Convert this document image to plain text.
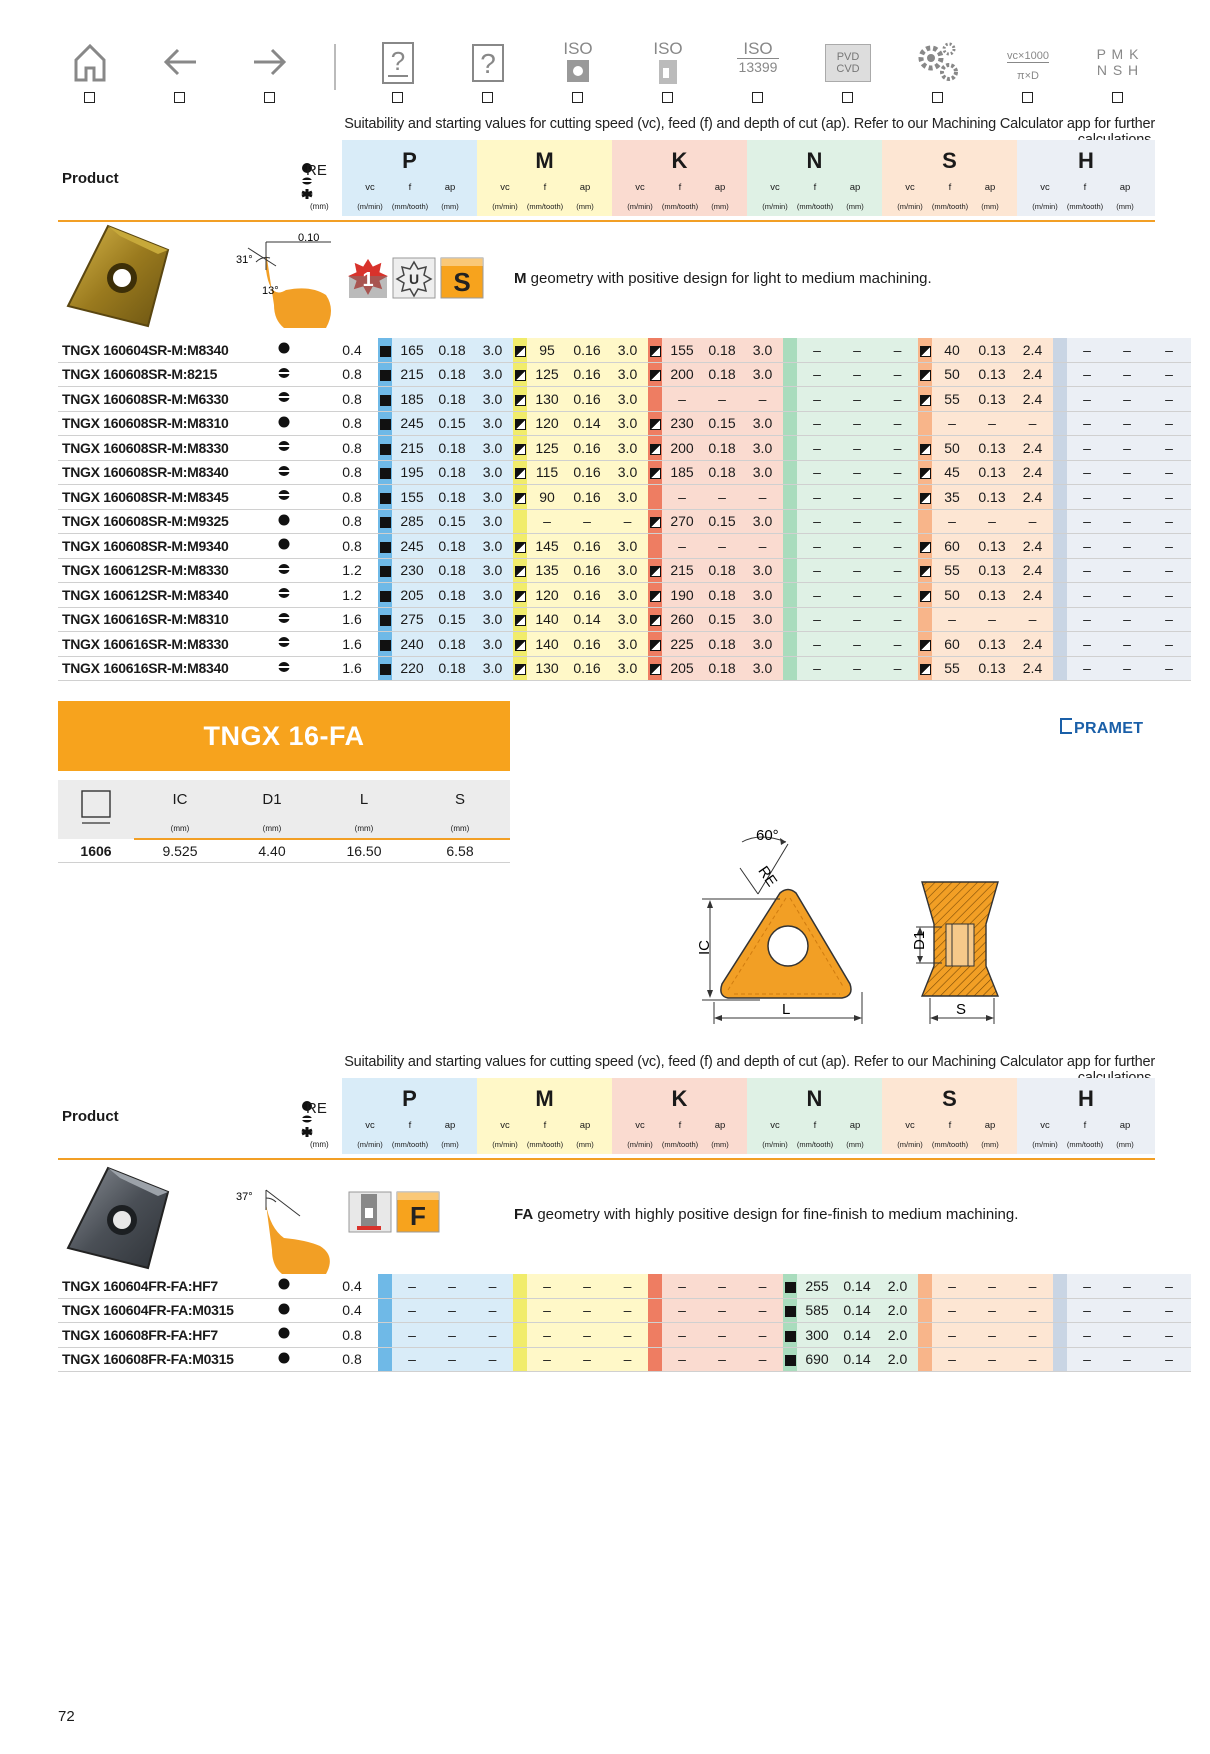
?	?	ISO	ISO	ISO
13399
PVD
CVD
vc×1000
π×D
P M K
N S H
Suitability and starting values for cutting speed (vc), feed (f) and depth of cut (ap). Refer to our Machining Calculator app for further
Product	RE
(mm)
P
vc	f	ap
(m/min)	(mm/tooth)	(mm)
M
vc	f	ap
(m/min)	(mm/tooth)	(mm)
K
vc	f	ap
(m/min)	(mm/tooth)	(mm)
N
vc	f	ap
(m/min)	(mm/tooth)	(mm)
S
vc	f	ap
(m/min)	(mm/tooth)	(mm)
H
vc	f	ap
(m/min)	(mm/tooth)	(mm)
31°
13°
0.10
1	U S	M geometry with positive design for light to medium machining.
TNGX 160604SR-M:M8340		0.4		165	0.18	3.0		95	0.16	3.0		155	0.18	3.0		–	–	–		40	0.13	2.4		–	–	–
TNGX 160608SR-M:8215		0.8		215	0.18	3.0		125	0.16	3.0		200	0.18	3.0		–	–	–		50	0.13	2.4		–	–	–
TNGX 160608SR-M:M6330		0.8		185	0.18	3.0		130	0.16	3.0		–	–	–		–	–	–		55	0.13	2.4		–	–	–
TNGX 160608SR-M:M8310		0.8		245	0.15	3.0		120	0.14	3.0		230	0.15	3.0		–	–	–		–	–	–		–	–	–
TNGX 160608SR-M:M8330		0.8		215	0.18	3.0		125	0.16	3.0		200	0.18	3.0		–	–	–		50	0.13	2.4		–	–	–
TNGX 160608SR-M:M8340		0.8		195	0.18	3.0		115	0.16	3.0		185	0.18	3.0		–	–	–		45	0.13	2.4		–	–	–
TNGX 160608SR-M:M8345		0.8		155	0.18	3.0		90	0.16	3.0		–	–	–		–	–	–		35	0.13	2.4		–	–	–
TNGX 160608SR-M:M9325		0.8		285	0.15	3.0		–	–	–		270	0.15	3.0		–	–	–		–	–	–		–	–	–
TNGX 160608SR-M:M9340		0.8		245	0.18	3.0		145	0.16	3.0		–	–	–		–	–	–		60	0.13	2.4		–	–	–
TNGX 160612SR-M:M8330		1.2		230	0.18	3.0		135	0.16	3.0		215	0.18	3.0		–	–	–		55	0.13	2.4		–	–	–
TNGX 160612SR-M:M8340		1.2		205	0.18	3.0		120	0.16	3.0		190	0.18	3.0		–	–	–		50	0.13	2.4		–	–	–
TNGX 160616SR-M:M8310		1.6		275	0.15	3.0		140	0.14	3.0		260	0.15	3.0		–	–	–		–	–	–		–	–	–
TNGX 160616SR-M:M8330		1.6		240	0.18	3.0		140	0.16	3.0		225	0.18	3.0		–	–	–		60	0.13	2.4		–	–	–
TNGX 160616SR-M:M8340		1.6		220	0.18	3.0		130	0.16	3.0		205	0.18	3.0		–	–	–		55	0.13	2.4		–	–	–
TNGX 16-FA	PRAMET
	IC	D1	L	S
	(mm)	(mm)	(mm)	(mm)
1606	9.525	4.40	16.50	6.58
60°
RE
IC
L
D1
S
Suitability and starting values for cutting speed (vc), feed (f) and depth of cut (ap). Refer to our Machining Calculator app for further
Product	RE
(mm)
P
vc	f	ap
(m/min)	(mm/tooth)	(mm)
M
vc	f	ap
(m/min)	(mm/tooth)	(mm)
K
vc	f	ap
(m/min)	(mm/tooth)	(mm)
N
vc	f	ap
(m/min)	(mm/tooth)	(mm)
S
vc	f	ap
(m/min)	(mm/tooth)	(mm)
H
vc	f	ap
(m/min)	(mm/tooth)	(mm)
37°
F	FA geometry with highly positive design for fine-finish to medium machining.
TNGX 160604FR-FA:HF7		0.4		–	–	–		–	–	–		–	–	–		255	0.14	2.0		–	–	–		–	–	–
TNGX 160604FR-FA:M0315		0.4		–	–	–		–	–	–		–	–	–		585	0.14	2.0		–	–	–		–	–	–
TNGX 160608FR-FA:HF7		0.8		–	–	–		–	–	–		–	–	–		300	0.14	2.0		–	–	–		–	–	–
TNGX 160608FR-FA:M0315		0.8		–	–	–		–	–	–		–	–	–		690	0.14	2.0		–	–	–		–	–	–
72
